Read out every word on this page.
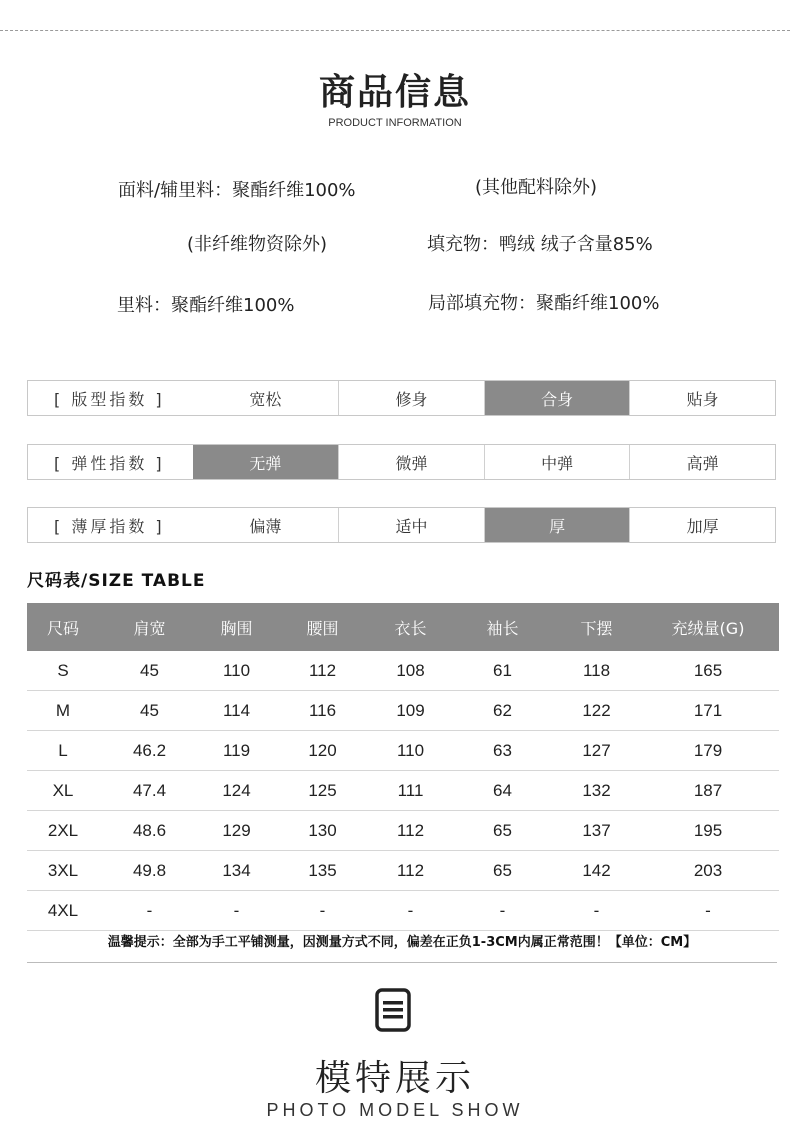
商品信息
PRODUCT INFORMATION
面料/辅里料：聚酯纤维100%	(其他配料除外)
(非纤维物资除外)	填充物：鸭绒 绒子含量85%
里料：聚酯纤维100%	局部填充物：聚酯纤维100%
[ 版型指数 ]	宽松	修身	合身	贴身
[ 弹性指数 ]	无弹	微弹	中弹	高弹
[ 薄厚指数 ]	偏薄	适中	厚	加厚
尺码表/SIZE TABLE
尺码	肩宽	胸围	腰围	衣长	袖长	下摆	充绒量(G)
S	45	110	112	108	61	118	165
M	45	114	116	109	62	122	171
L	46.2	119	120	110	63	127	179
XL	47.4	124	125	111	64	132	187
2XL	48.6	129	130	112	65	137	195
3XL	49.8	134	135	112	65	142	203
4XL	-	-	-	-	-	-	-
温馨提示：全部为手工平铺测量，因测量方式不同，偏差在正负1-3CM内属正常范围！【单位：CM】
模特展示
PHOTO MODEL SHOW
